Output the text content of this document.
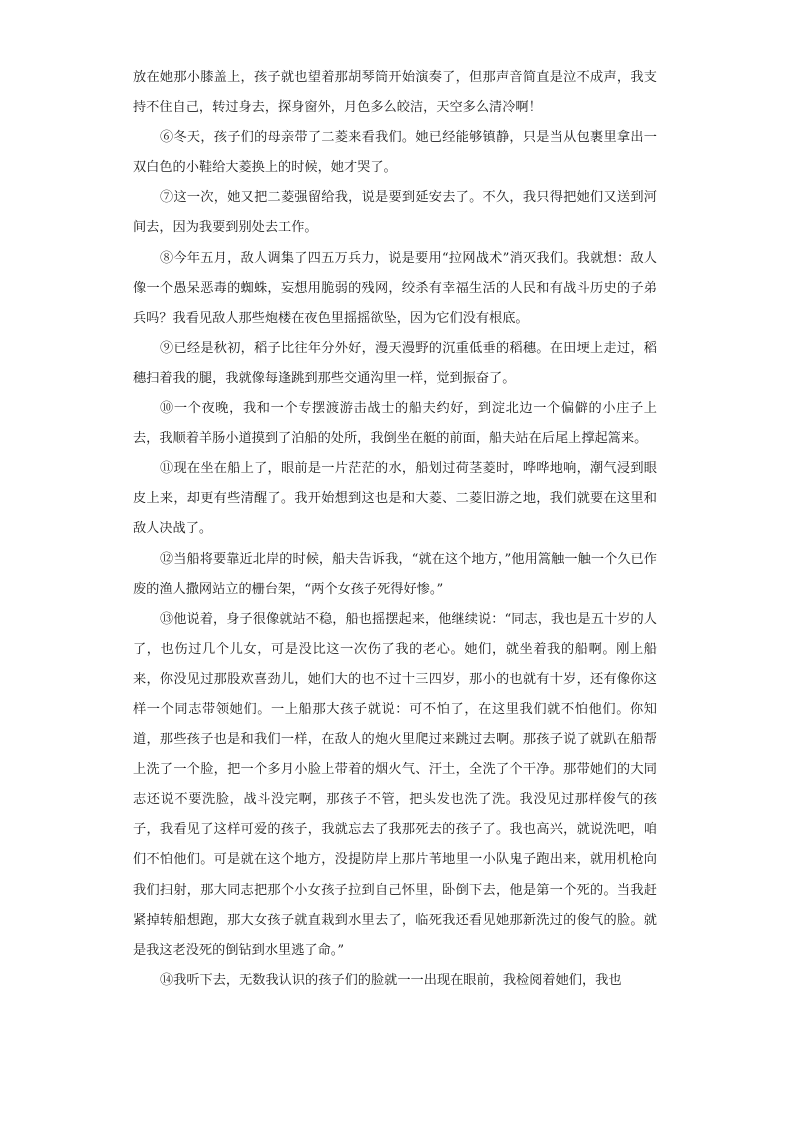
放在她那小膝盖上，孩子就也望着那胡琴筒开始演奏了，但那声音简直是泣不成声，我支持不住自己，转过身去，探身窗外，月色多么皎洁，天空多么清冷啊！

⑥冬天，孩子们的母亲带了二菱来看我们。她已经能够镇静，只是当从包裹里拿出一双白色的小鞋给大菱换上的时候，她才哭了。

⑦这一次，她又把二菱强留给我，说是要到延安去了。不久，我只得把她们又送到河间去，因为我要到别处去工作。

⑧今年五月，敌人调集了四五万兵力，说是要用“拉网战术”消灭我们。我就想：敌人像一个愚呆恶毒的蜘蛛，妄想用脆弱的残网，绞杀有幸福生活的人民和有战斗历史的子弟兵吗？我看见敌人那些炮楼在夜色里摇摇欲坠，因为它们没有根底。

⑨已经是秋初，稻子比往年分外好，漫天漫野的沉重低垂的稻穗。在田埂上走过，稻穗扫着我的腿，我就像每逢跳到那些交通沟里一样，觉到振奋了。

⑩一个夜晚，我和一个专摆渡游击战士的船夫约好，到淀北边一个偏僻的小庄子上去，我顺着羊肠小道摸到了泊船的处所，我倒坐在艇的前面，船夫站在后尾上撑起篙来。

⑪现在坐在船上了，眼前是一片茫茫的水，船划过荷茎菱时，哗哗地响，潮气浸到眼皮上来，却更有些清醒了。我开始想到这也是和大菱、二菱旧游之地，我们就要在这里和敌人决战了。

⑫当船将要靠近北岸的时候，船夫告诉我，“就在这个地方，”他用篙触一触一个久已作废的渔人撒网站立的栅台架，“两个女孩子死得好惨。”

⑬他说着，身子很像就站不稳，船也摇摆起来，他继续说：“同志，我也是五十岁的人了，也伤过几个儿女，可是没比这一次伤了我的老心。她们，就坐着我的船啊。刚上船来，你没见过那股欢喜劲儿，她们大的也不过十三四岁，那小的也就有十岁，还有像你这样一个同志带领她们。一上船那大孩子就说：可不怕了，在这里我们就不怕他们。你知道，那些孩子也是和我们一样，在敌人的炮火里爬过来跳过去啊。那孩子说了就趴在船帮上洗了一个脸，把一个多月小脸上带着的烟火气、汗土，全洗了个干净。那带她们的大同志还说不要洗脸，战斗没完啊，那孩子不管，把头发也洗了洗。我没见过那样俊气的孩子，我看见了这样可爱的孩子，我就忘去了我那死去的孩子了。我也高兴，就说洗吧，咱们不怕他们。可是就在这个地方，没提防岸上那片苇地里一小队鬼子跑出来，就用机枪向我们扫射，那大同志把那个小女孩子拉到自己怀里，卧倒下去，他是第一个死的。当我赶紧掉转船想跑，那大女孩子就直栽到水里去了，临死我还看见她那新洗过的俊气的脸。就是我这老没死的倒钻到水里逃了命。”

⑭我听下去，无数我认识的孩子们的脸就一一出现在眼前，我检阅着她们，我也
